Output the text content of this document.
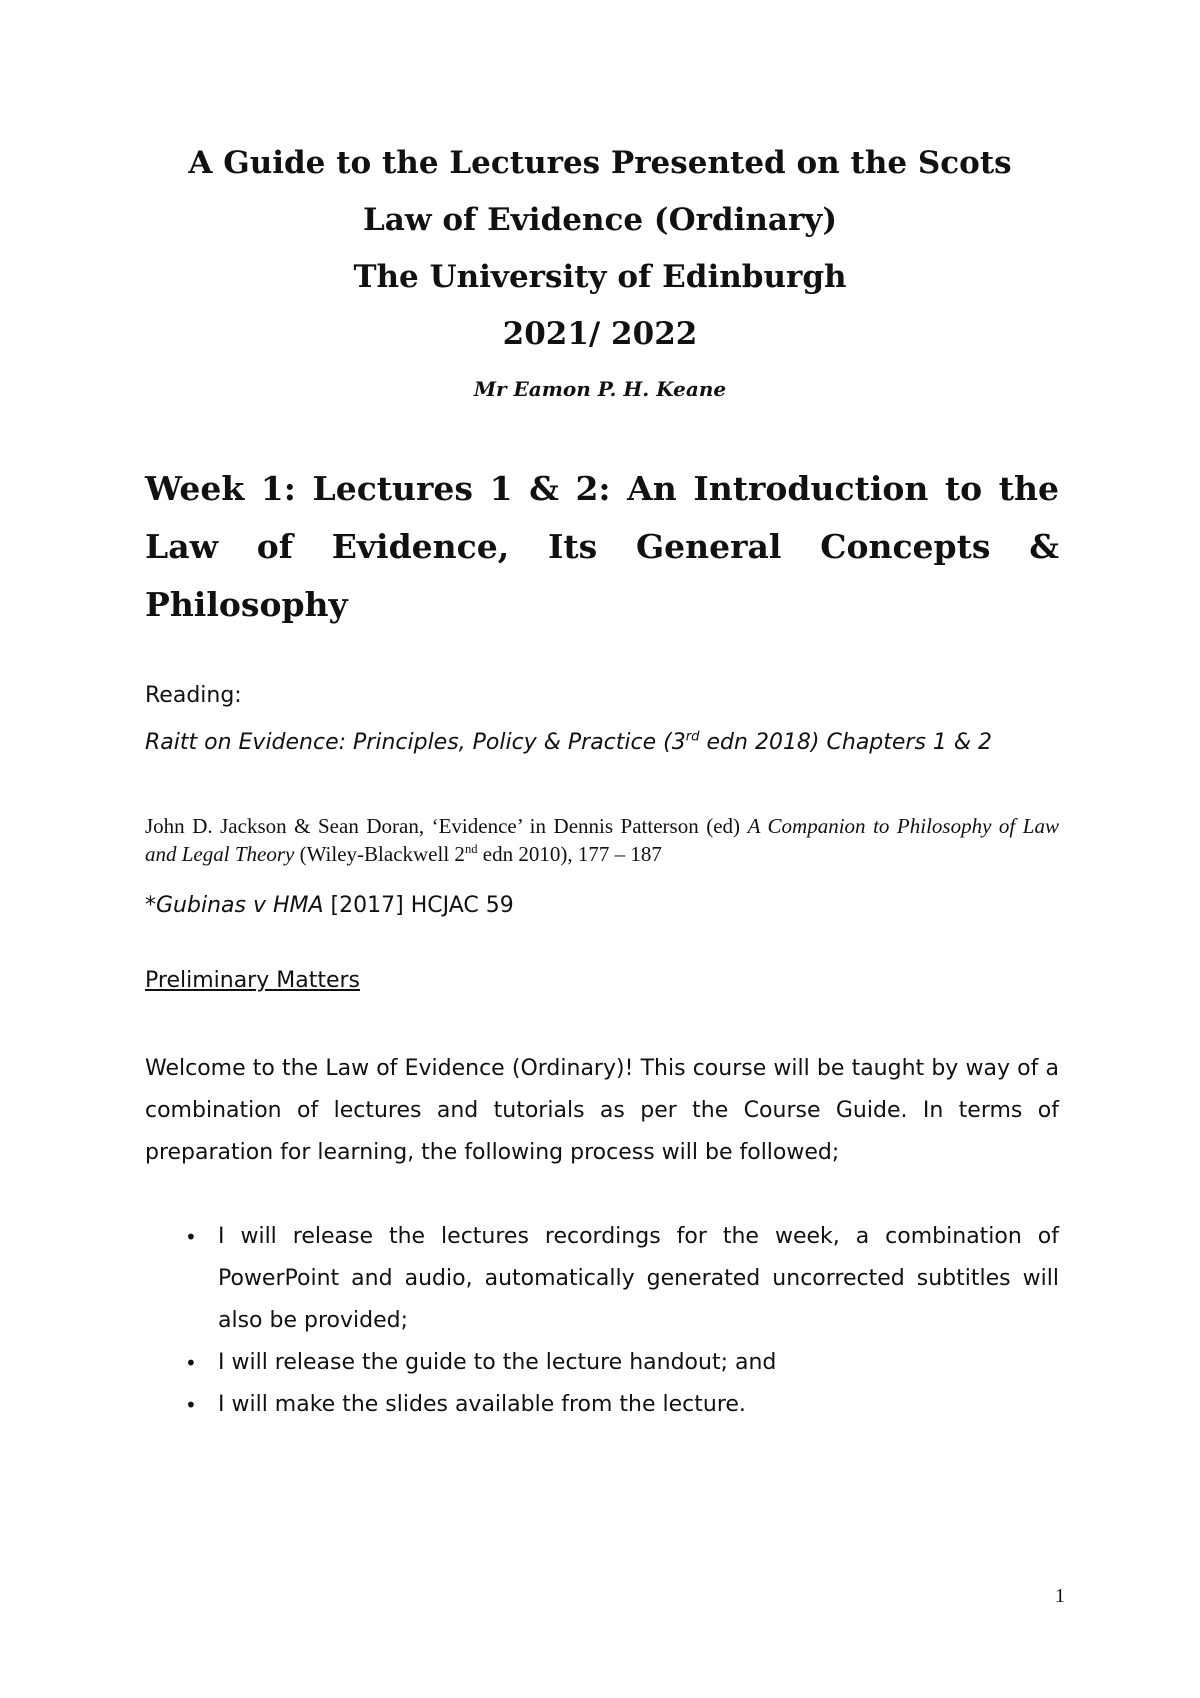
A Guide to the Lectures Presented on the Scots
Law of Evidence (Ordinary)
The University of Edinburgh
2021/ 2022
Mr Eamon P. H. Keane
Week 1: Lectures 1 & 2: An Introduction to the Law of Evidence, Its General Concepts & Philosophy
Reading:
Raitt on Evidence: Principles, Policy & Practice (3rd edn 2018) Chapters 1 & 2
John D. Jackson & Sean Doran, ‘Evidence’ in Dennis Patterson (ed) A Companion to Philosophy of Law and Legal Theory (Wiley-Blackwell 2nd edn 2010), 177 – 187
*Gubinas v HMA [2017] HCJAC 59
Preliminary Matters

Welcome to the Law of Evidence (Ordinary)! This course will be taught by way of a combination of lectures and tutorials as per the Course Guide. In terms of preparation for learning, the following process will be followed;

• I will release the lectures recordings for the week, a combination of PowerPoint and audio, automatically generated uncorrected subtitles will also be provided;
• I will release the guide to the lecture handout; and
• I will make the slides available from the lecture.
1
